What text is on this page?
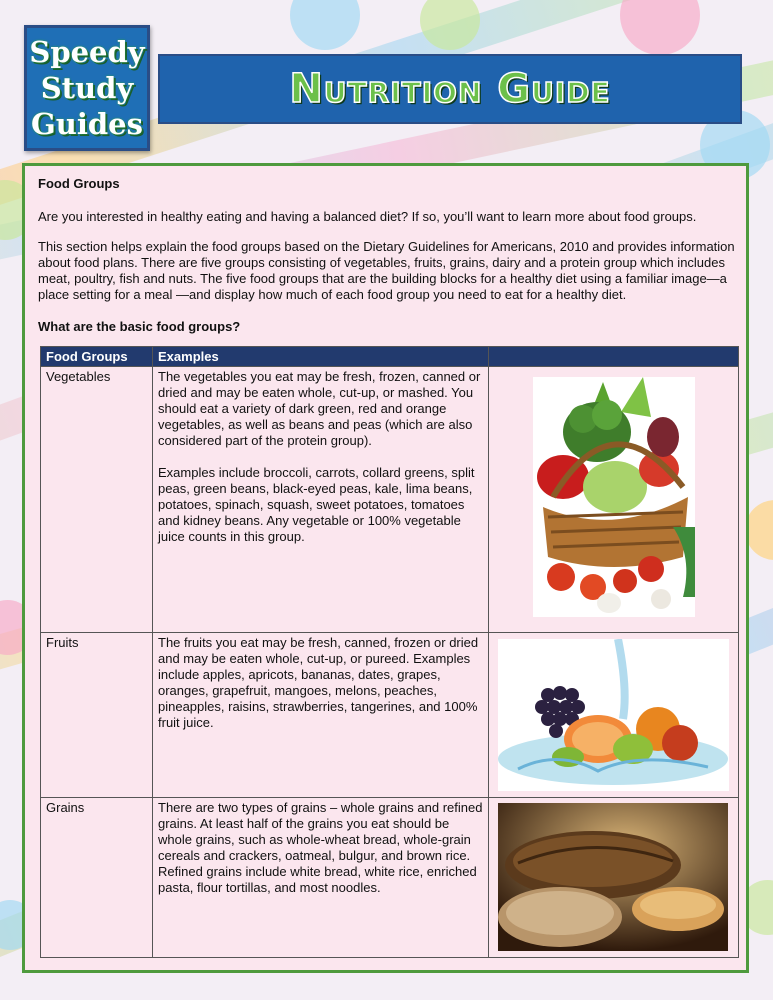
Speedy
Study
Guides
Nutrition Guide
Food Groups

Are you interested in healthy eating and having a balanced diet? If so, you’ll want to learn more about food groups.

This section helps explain the food groups based on the Dietary Guidelines for Americans, 2010 and provides information about food plans. There are five groups consisting of vegetables, fruits, grains, dairy and a protein group which includes meat, poultry, fish and nuts. The five food groups that are the building blocks for a healthy diet using a familiar image—a place setting for a meal —and display how much of each food group you need to eat for a healthy diet.

What are the basic food groups?
Food Groups	Examples	
Vegetables	The vegetables you eat may be fresh, frozen, canned or dried and may be eaten whole, cut-up, or mashed. You should eat a variety of dark green, red and orange vegetables, as well as beans and peas (which are also considered part of the protein group).

Examples include broccoli, carrots, collard greens, split peas, green beans, black-eyed peas, kale, lima beans, potatoes, spinach, squash, sweet potatoes, tomatoes and kidney beans. Any vegetable or 100% vegetable juice counts in this group.

Fruits	The fruits you eat may be fresh, canned, frozen or dried and may be eaten whole, cut-up, or pureed. Examples include apples, apricots, bananas, dates, grapes, oranges, grapefruit, mangoes, melons, peaches, pineapples, raisins, strawberries, tangerines, and 100% fruit juice.

Grains	There are two types of grains – whole grains and refined grains. At least half of the grains you eat should be whole grains, such as whole-wheat bread, whole-grain cereals and crackers, oatmeal, bulgur, and brown rice. Refined grains include white bread, white rice, enriched pasta, flour tortillas, and most noodles.
